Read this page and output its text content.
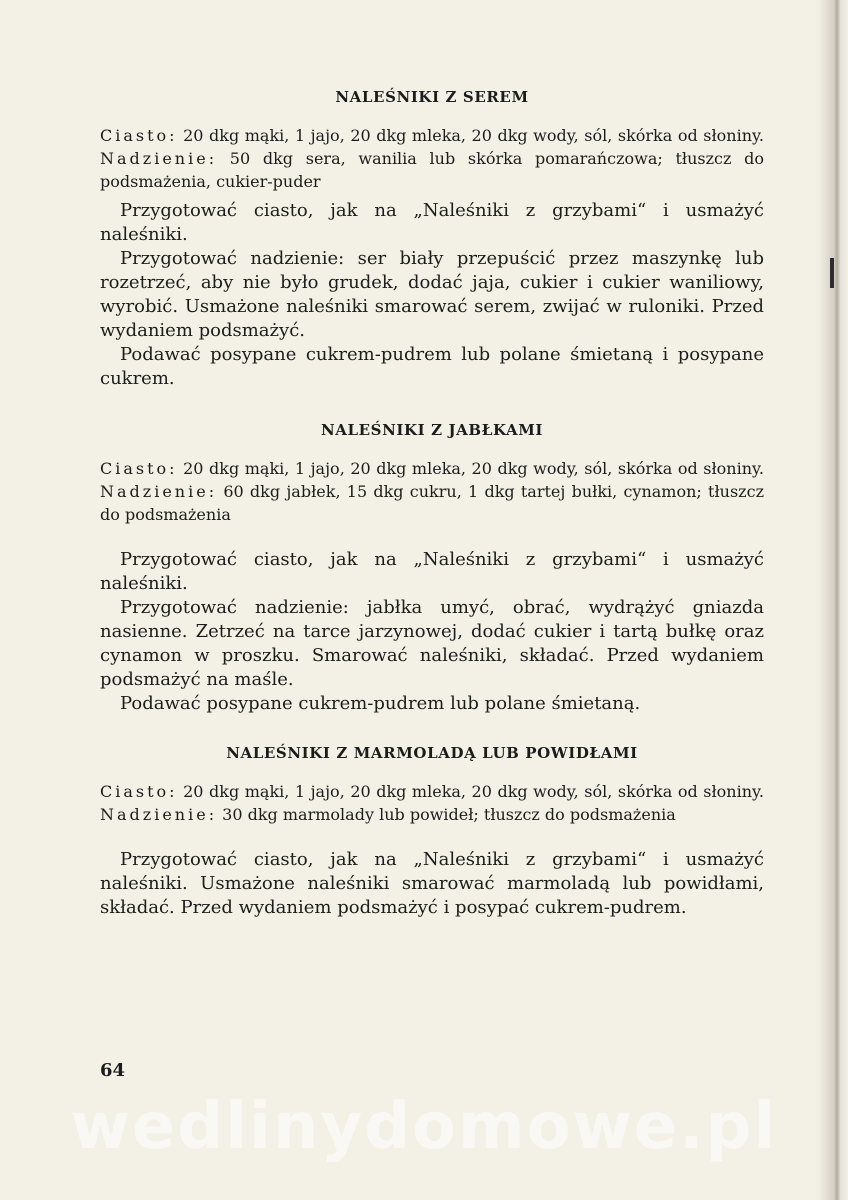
NALEŚNIKI Z SEREM

Ciasto: 20 dkg mąki, 1 jajo, 20 dkg mleka, 20 dkg wody, sól, skórka od słoniny. Nadzienie: 50 dkg sera, wanilia lub skórka pomarańczowa; tłuszcz do podsmażenia, cukier-puder

Przygotować ciasto, jak na „Naleśniki z grzybami“ i usmażyć naleśniki.

Przygotować nadzienie: ser biały przepuścić przez maszynkę lub rozetrzeć, aby nie było grudek, dodać jaja, cukier i cukier waniliowy, wyrobić. Usmażone naleśniki smarować serem, zwijać w ruloniki. Przed wydaniem podsmażyć.

Podawać posypane cukrem-pudrem lub polane śmietaną i posypane cukrem.

NALEŚNIKI Z JABŁKAMI

Ciasto: 20 dkg mąki, 1 jajo, 20 dkg mleka, 20 dkg wody, sól, skórka od słoniny. Nadzienie: 60 dkg jabłek, 15 dkg cukru, 1 dkg tartej bułki, cynamon; tłuszcz do podsmażenia

Przygotować ciasto, jak na „Naleśniki z grzybami“ i usmażyć naleśniki.

Przygotować nadzienie: jabłka umyć, obrać, wydrążyć gniazda nasienne. Zetrzeć na tarce jarzynowej, dodać cukier i tartą bułkę oraz cynamon w proszku. Smarować naleśniki, składać. Przed wydaniem podsmażyć na maśle.

Podawać posypane cukrem-pudrem lub polane śmietaną.

NALEŚNIKI Z MARMOLADĄ LUB POWIDŁAMI

Ciasto: 20 dkg mąki, 1 jajo, 20 dkg mleka, 20 dkg wody, sól, skórka od słoniny. Nadzienie: 30 dkg marmolady lub powideł; tłuszcz do podsmażenia

Przygotować ciasto, jak na „Naleśniki z grzybami“ i usmażyć naleśniki. Usmażone naleśniki smarować marmoladą lub powidłami, składać. Przed wydaniem podsmażyć i posypać cukrem-pudrem.

64
wedlinydomowe.pl
